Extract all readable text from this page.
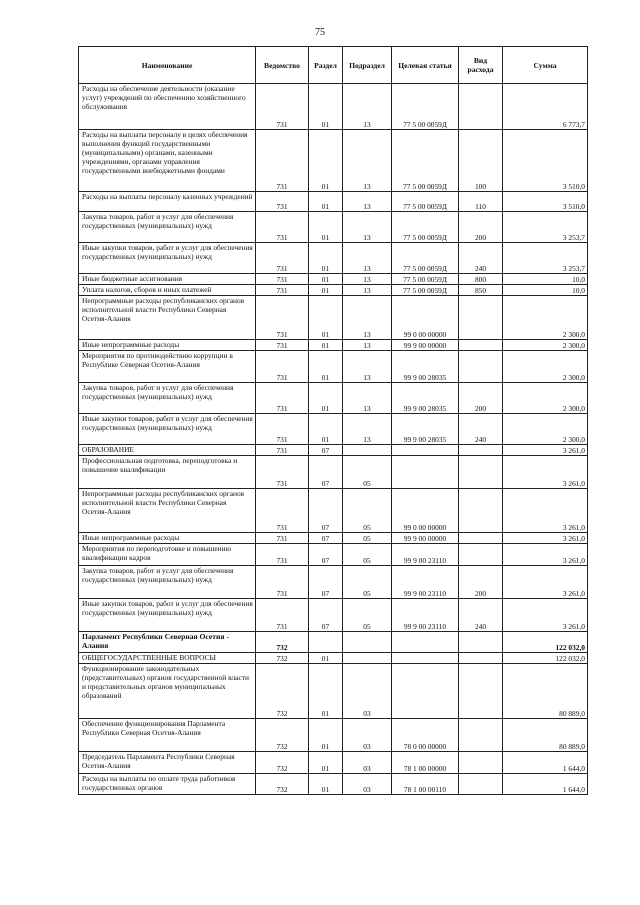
75
Наименование	Ведомство	Раздел	Подраздел	Целевая статья	Вид расхода	Сумма
Расходы на обеспечение деятельности (оказание услуг) учреждений по обеспечению хозяйственного обслуживания	731	01	13	77 5 00 0059Д		6 773,7
Расходы на выплаты персоналу в целях обеспечения выполнения функций государственными (муниципальными) органами, казенными учреждениями, органами управления государственными внебюджетными фондами	731	01	13	77 5 00 0059Д	100	3 510,0
Расходы на выплаты персоналу казенных учреждений	731	01	13	77 5 00 0059Д	110	3 510,0
Закупка товаров, работ и услуг для обеспечения государственных (муниципальных) нужд	731	01	13	77 5 00 0059Д	200	3 253,7
Иные закупки товаров, работ и услуг для обеспечения государственных (муниципальных) нужд	731	01	13	77 5 00 0059Д	240	3 253,7
Иные бюджетные ассигнования	731	01	13	77 5 00 0059Д	800	10,0
Уплата налогов, сборов и иных платежей	731	01	13	77 5 00 0059Д	850	10,0
Непрограммные расходы республиканских органов исполнительной власти Республики Северная Осетия-Алания	731	01	13	99 0 00 00000		2 300,0
Иные непрограммные расходы	731	01	13	99 9 00 00000		2 300,0
Мероприятия по противодействию коррупции в Республике Северная Осетия-Алания	731	01	13	99 9 00 28035		2 300,0
Закупка товаров, работ и услуг для обеспечения государственных (муниципальных) нужд	731	01	13	99 9 00 28035	200	2 300,0
Иные закупки товаров, работ и услуг для обеспечения государственных (муниципальных) нужд	731	01	13	99 9 00 28035	240	2 300,0
ОБРАЗОВАНИЕ	731	07				3 261,0
Профессиональная подготовка, переподготовка и повышение квалификации	731	07	05			3 261,0
Непрограммные расходы республиканских органов исполнительной власти Республики Северная Осетия-Алания	731	07	05	99 0 00 00000		3 261,0
Иные непрограммные расходы	731	07	05	99 9 00 00000		3 261,0
Мероприятия по переподготовке и повышению квалификации кадров	731	07	05	99 9 00 23110		3 261,0
Закупка товаров, работ и услуг для обеспечения государственных (муниципальных) нужд	731	07	05	99 9 00 23110	200	3 261,0
Иные закупки товаров, работ и услуг для обеспечения государственных (муниципальных) нужд	731	07	05	99 9 00 23110	240	3 261,0
Парламент Республики Северная Осетия - Алания	732					122 032,0
ОБЩЕГОСУДАРСТВЕННЫЕ ВОПРОСЫ	732	01				122 032,0
Функционирование законодательных (представительных) органов государственной власти и представительных органов муниципальных образований	732	01	03			80 889,0
Обеспечение функционирования Парламента Республики Северная Осетия-Алания	732	01	03	78 0 00 00000		80 889,0
Председатель Парламента Республики Северная Осетия-Алания	732	01	03	78 1 00 00000		1 644,0
Расходы на выплаты по оплате труда работников государственных органов	732	01	03	78 1 00 00110		1 644,0
